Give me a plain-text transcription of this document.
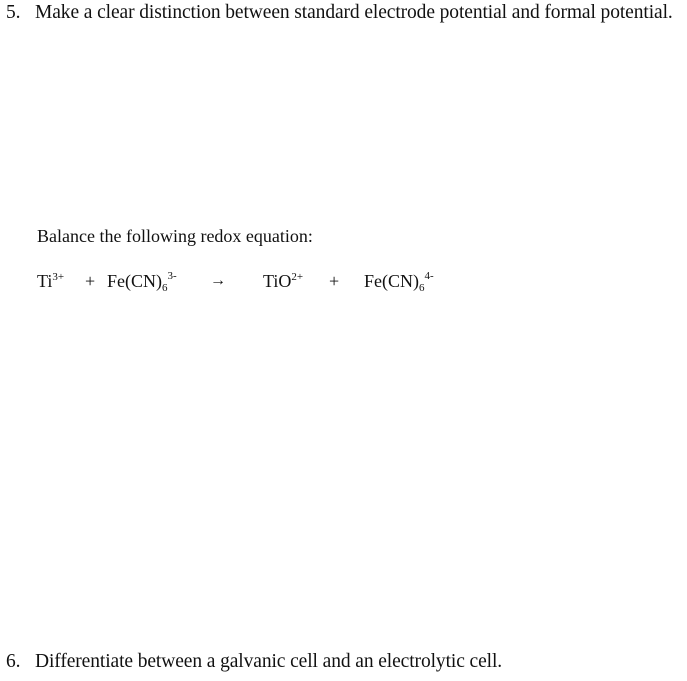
5. Make a clear distinction between standard electrode potential and formal potential.
Balance the following redox equation:
$Ti^{3+} + Fe(CN)_6^{3-} \to TiO^{2+} + Fe(CN)_6^{4-}$
6. Differentiate between a galvanic cell and an electrolytic cell.
